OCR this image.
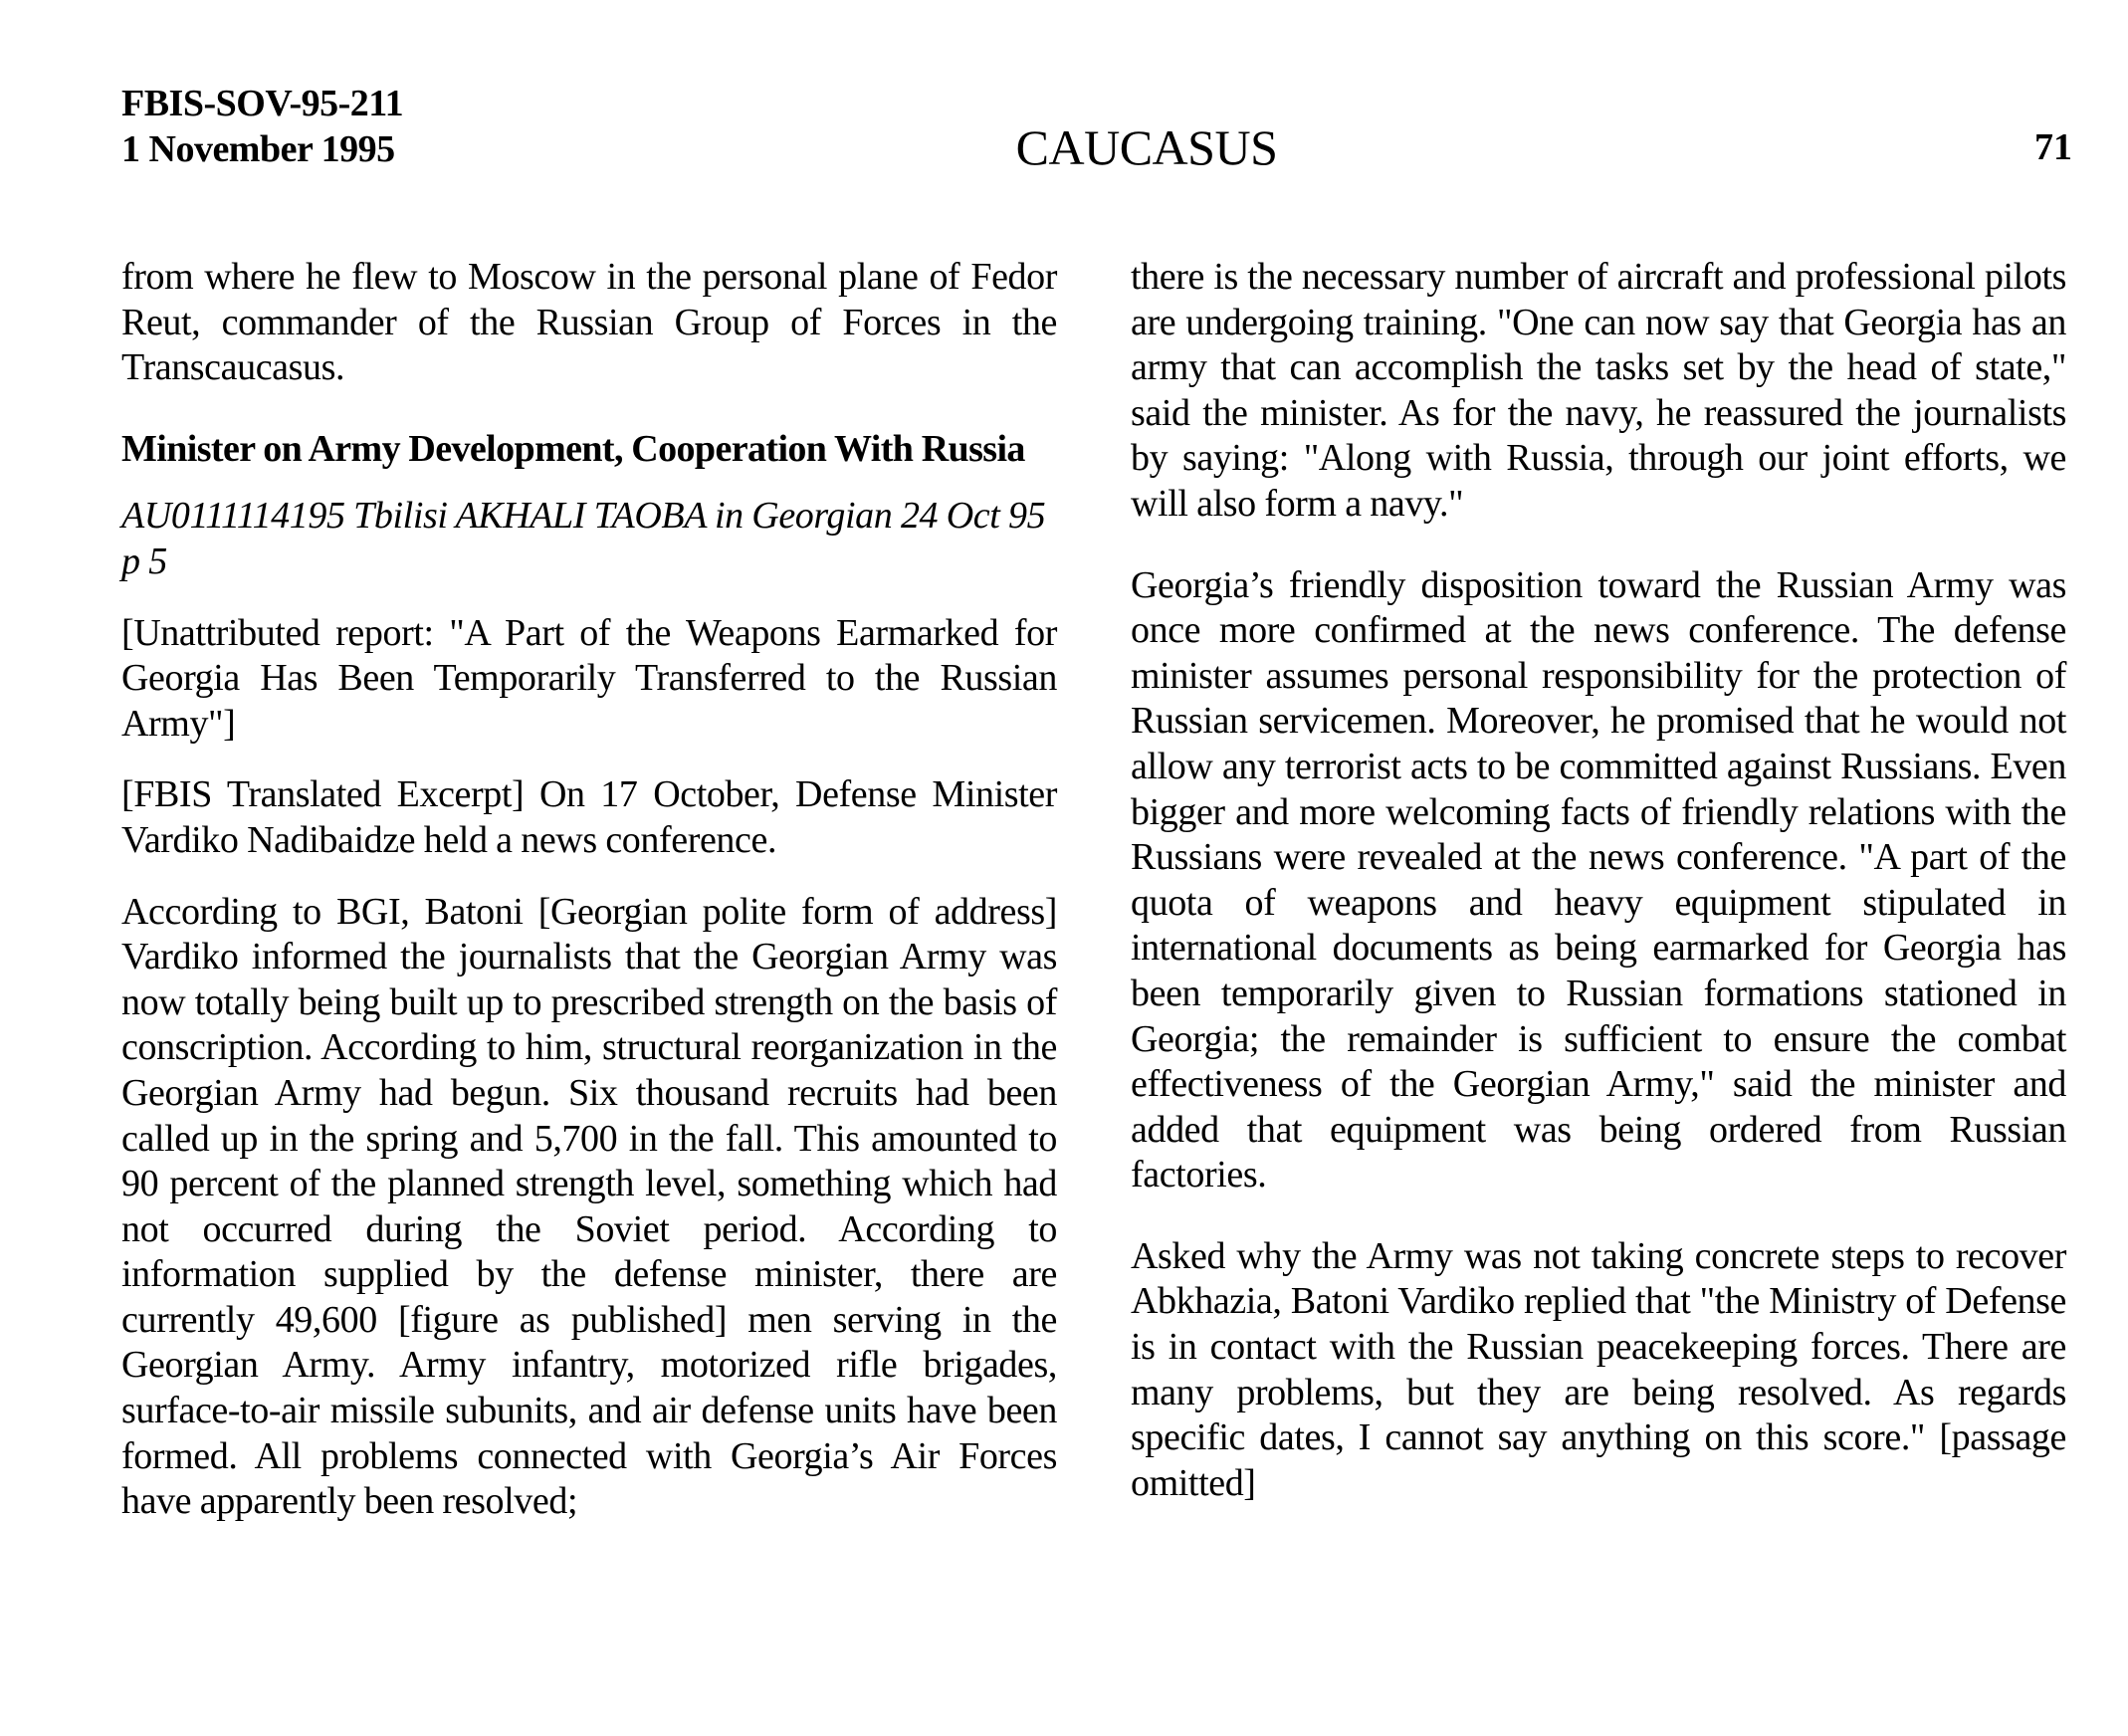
FBIS-SOV-95-211
1 November 1995	CAUCASUS	71

from where he flew to Moscow in the personal plane of Fedor Reut, commander of the Russian Group of Forces in the Transcaucasus.

Minister on Army Development, Cooperation With Russia

AU0111114195 Tbilisi AKHALI TAOBA in Georgian 24 Oct 95 p 5

[Unattributed report: "A Part of the Weapons Earmarked for Georgia Has Been Temporarily Transferred to the Russian Army"]

[FBIS Translated Excerpt] On 17 October, Defense Minister Vardiko Nadibaidze held a news conference.

According to BGI, Batoni [Georgian polite form of address] Vardiko informed the journalists that the Georgian Army was now totally being built up to prescribed strength on the basis of conscription. According to him, structural reorganization in the Georgian Army had begun. Six thousand recruits had been called up in the spring and 5,700 in the fall. This amounted to 90 percent of the planned strength level, something which had not occurred during the Soviet period. According to information supplied by the defense minister, there are currently 49,600 [figure as published] men serving in the Georgian Army. Army infantry, motorized rifle brigades, surface-to-air missile subunits, and air defense units have been formed. All problems connected with Georgia’s Air Forces have apparently been resolved;

there is the necessary number of aircraft and professional pilots are undergoing training. "One can now say that Georgia has an army that can accomplish the tasks set by the head of state," said the minister. As for the navy, he reassured the journalists by saying: "Along with Russia, through our joint efforts, we will also form a navy."

Georgia’s friendly disposition toward the Russian Army was once more confirmed at the news conference. The defense minister assumes personal responsibility for the protection of Russian servicemen. Moreover, he promised that he would not allow any terrorist acts to be committed against Russians. Even bigger and more welcoming facts of friendly relations with the Russians were revealed at the news conference. "A part of the quota of weapons and heavy equipment stipulated in international documents as being earmarked for Georgia has been temporarily given to Russian formations stationed in Georgia; the remainder is sufficient to ensure the combat effectiveness of the Georgian Army," said the minister and added that equipment was being ordered from Russian factories.

Asked why the Army was not taking concrete steps to recover Abkhazia, Batoni Vardiko replied that "the Ministry of Defense is in contact with the Russian peacekeeping forces. There are many problems, but they are being resolved. As regards specific dates, I cannot say anything on this score." [passage omitted]
